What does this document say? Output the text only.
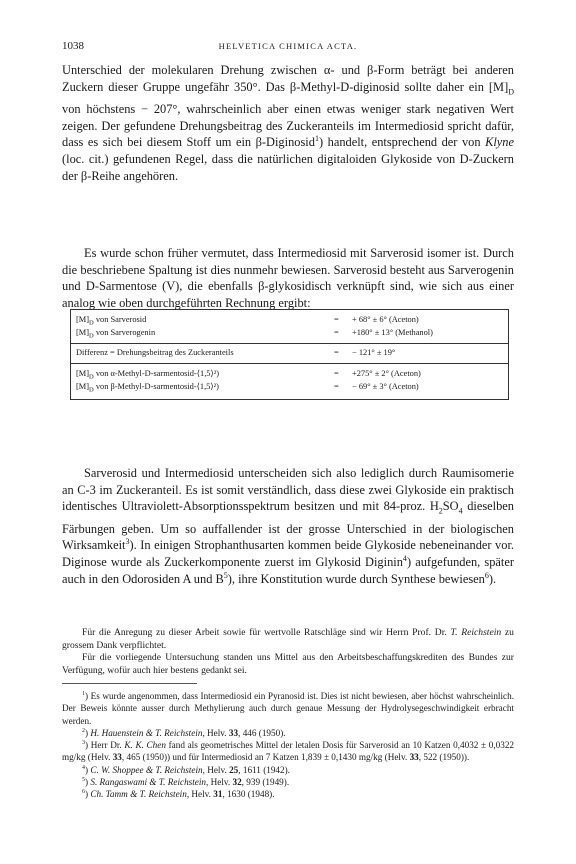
1038	HELVETICA CHIMICA ACTA.
Unterschied der molekularen Drehung zwischen α- und β-Form beträgt bei anderen Zuckern dieser Gruppe ungefähr 350°. Das β-Methyl-D-diginosid sollte daher ein $[M]_D$ von höchstens − 207°, wahrscheinlich aber einen etwas weniger stark negativen Wert zeigen. Der gefundene Drehungsbeitrag des Zuckeranteils im Intermediosid spricht dafür, dass es sich bei diesem Stoff um ein β-Diginosid$^1$) handelt, entsprechend der von Klyne (loc. cit.) gefundenen Regel, dass die natürlichen digitaloiden Glykoside von D-Zuckern der β-Reihe angehören.
Es wurde schon früher vermutet, dass Intermediosid mit Sarverosid isomer ist. Durch die beschriebene Spaltung ist dies nunmehr bewiesen. Sarverosid besteht aus Sarverogenin und D-Sarmentose (V), die ebenfalls β-glykosidisch verknüpft sind, wie sich aus einer analog wie oben durchgeführten Rechnung ergibt:
$[M]_D$ von Sarverosid	= + 68° ± 6° (Aceton)
$[M]_D$ von Sarverogenin	= +180° ± 13° (Methanol)
Differenz = Drehungsbeitrag des Zuckeranteils	= − 121° ± 19°
$[M]_D$ von α-Methyl-D-sarmentosid-⟨1,5⟩²)	= +275° ± 2° (Aceton)
$[M]_D$ von β-Methyl-D-sarmentosid-⟨1,5⟩²)	= − 69° ± 3° (Aceton)
Sarverosid und Intermediosid unterscheiden sich also lediglich durch Raumisomerie an C-3 im Zuckeranteil. Es ist somit verständlich, dass diese zwei Glykoside ein praktisch identisches Ultraviolett-Absorptionsspektrum besitzen und mit 84-proz. $H_2SO_4$ dieselben Färbungen geben. Um so auffallender ist der grosse Unterschied in der biologischen Wirksamkeit$^3$). In einigen Strophanthusarten kommen beide Glykoside nebeneinander vor. Diginose wurde als Zuckerkomponente zuerst im Glykosid Diginin$^4$) aufgefunden, später auch in den Odorosiden A und $B^5$), ihre Konstitution wurde durch Synthese bewiesen$^6$).
Für die Anregung zu dieser Arbeit sowie für wertvolle Ratschläge sind wir Herrn Prof. Dr. T. Reichstein zu grossem Dank verpflichtet.
Für die vorliegende Untersuchung standen uns Mittel aus den Arbeitsbeschaffungskrediten des Bundes zur Verfügung, wofür auch hier bestens gedankt sei.

$^1$) Es wurde angenommen, dass Intermediosid ein Pyranosid ist. Dies ist nicht bewiesen, aber höchst wahrscheinlich. Der Beweis könnte ausser durch Methylierung auch durch genaue Messung der Hydrolysegeschwindigkeit erbracht werden.

$^2$) H. Hauenstein & T. Reichstein, Helv. 33, 446 (1950).

$^3$) Herr Dr. K. K. Chen fand als geometrisches Mittel der letalen Dosis für Sarverosid an 10 Katzen 0,4032 ± 0,0322 mg/kg (Helv. 33, 465 (1950)) und für Intermediosid an 7 Katzen 1,839 ± 0,1430 mg/kg (Helv. 33, 522 (1950)).

$^4$) C. W. Shoppee & T. Reichstein, Helv. 25, 1611 (1942).

$^5$) S. Rangaswami & T. Reichstein, Helv. 32, 939 (1949).

$^6$) Ch. Tamm & T. Reichstein, Helv. 31, 1630 (1948).
